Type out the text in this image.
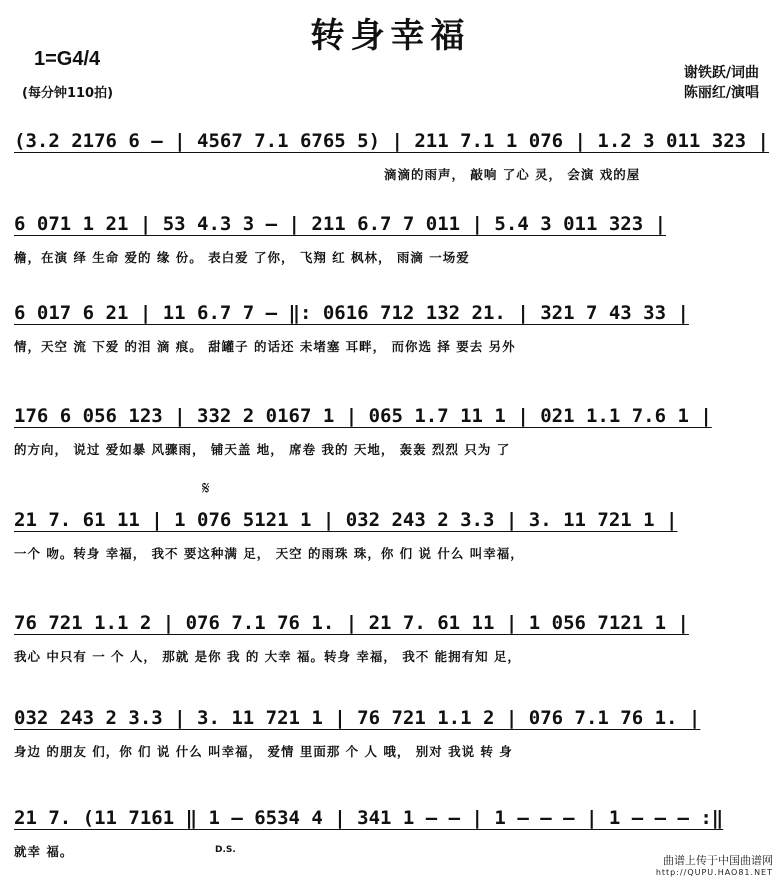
转身幸福
1=G4/4
(每分钟110拍)
谢铁跃/词曲
陈丽红/演唱
(3.2 2176 6 – | 4567 7.1 6765 5) | 211 7.1 1 076 | 1.2 3 011 323 |
滴滴的雨声， 敲响 了心 灵， 会演 戏的屋
6 071 1 21 | 53 4.3 3 – | 211 6.7 7 011 | 5.4 3 011 323 |
檐，在演 绎 生命 爱的 缘 份。 表白爱 了你， 飞翔 红 枫林， 雨滴 一场爱
6 017 6 21 | 11 6.7 7 – ‖: 0616 712 132 21. | 321 7 43 33 |
情，天空 流 下爱 的泪 滴 痕。 甜罐子 的话还 未堵塞 耳畔， 而你选 择 要去 另外
176 6 056 123 | 332 2 0167 1 | 065 1.7 11 1 | 021 1.1 7.6 1 |
的方向， 说过 爱如暴 风骤雨， 铺天盖 地， 席卷 我的 天地， 轰轰 烈烈 只为 了
𝄋
21 7. 61 11 | 1 076 5121 1 | 032 243 2 3.3 | 3. 11 721 1 |
一个 吻。转身 幸福， 我不 要这种满 足， 天空 的雨珠 珠，你 们 说 什么 叫幸福，
76 721 1.1 2 | 076 7.1 76 1. | 21 7. 61 11 | 1 056 7121 1 |
我心 中只有 一 个 人， 那就 是你 我 的 大幸 福。转身 幸福， 我不 能拥有知 足，
032 243 2 3.3 | 3. 11 721 1 | 76 721 1.1 2 | 076 7.1 76 1. |
身边 的朋友 们，你 们 说 什么 叫幸福， 爱情 里面那 个 人 哦， 别对 我说 转 身
21 7. (11 7161 ‖ 1 – 6534 4 | 341 1 – – | 1 – – – | 1 – – – :‖
就幸 福。	D.S.
曲谱上传于中国曲谱网
http://QUPU.HAO81.NET
